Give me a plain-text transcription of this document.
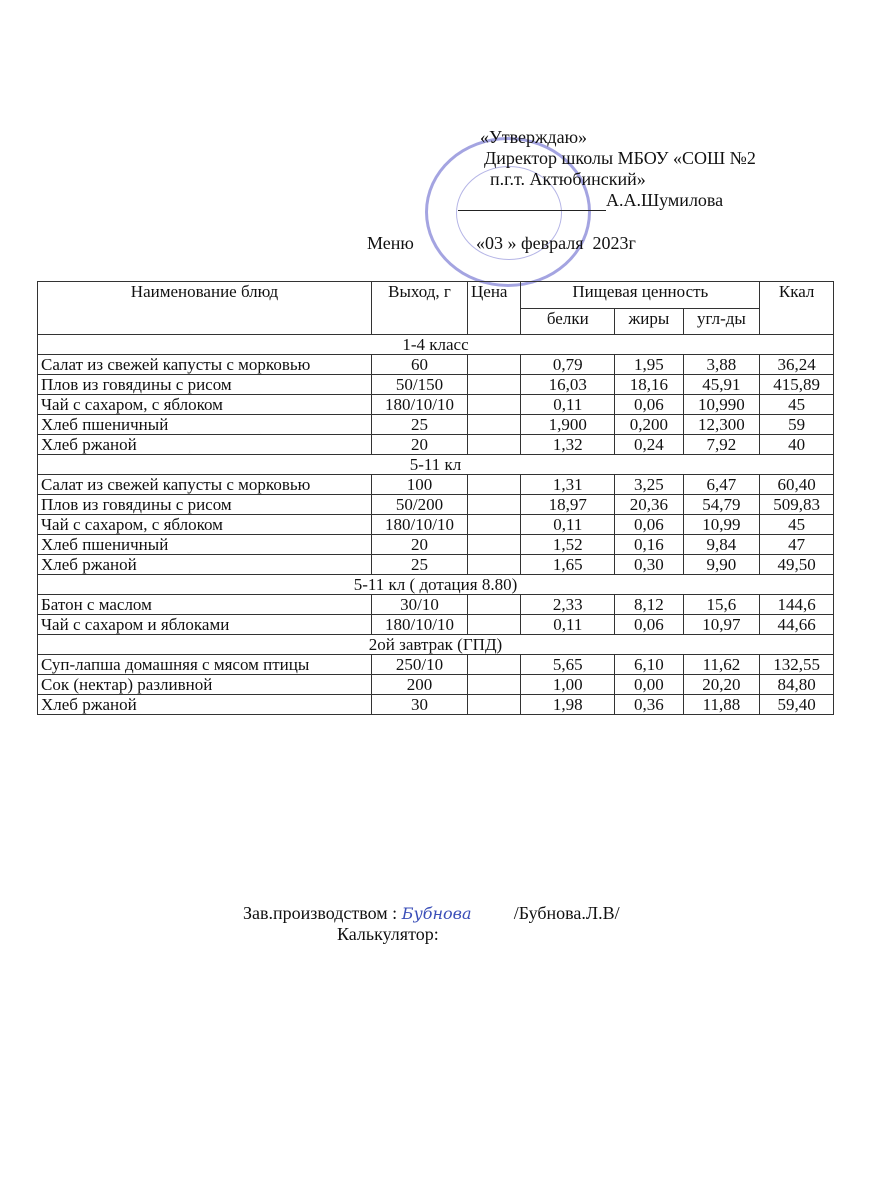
«Утверждаю»
Директор школы МБОУ «СОШ №2
п.г.т. Актюбинский»
А.А.Шумилова
Меню	«03 » февраля  2023г
Наименование блюд	Выход, г	Цена	Пищевая ценность			Ккал
			белки	жиры	угл-ды	
1-4 класс						
Салат из свежей капусты с морковью	60		0,79	1,95	3,88	36,24
Плов из говядины с рисом	50/150		16,03	18,16	45,91	415,89
Чай с сахаром, с яблоком	180/10/10		0,11	0,06	10,990	45
Хлеб пшеничный	25		1,900	0,200	12,300	59
Хлеб ржаной	20		1,32	0,24	7,92	40
5-11 кл						
Салат из свежей капусты с морковью	100		1,31	3,25	6,47	60,40
Плов из говядины с рисом	50/200		18,97	20,36	54,79	509,83
Чай с сахаром, с яблоком	180/10/10		0,11	0,06	10,99	45
Хлеб пшеничный	20		1,52	0,16	9,84	47
Хлеб ржаной	25		1,65	0,30	9,90	49,50
5-11 кл ( дотация 8.80)						
Батон с маслом	30/10		2,33	8,12	15,6	144,6
Чай с сахаром и яблоками	180/10/10		0,11	0,06	10,97	44,66
2ой завтрак (ГПД)						
Суп-лапша домашняя с мясом птицы	250/10		5,65	6,10	11,62	132,55
Сок (нектар) разливной	200		1,00	0,00	20,20	84,80
Хлеб ржаной	30		1,98	0,36	11,88	59,40
Зав.производством : Бубнова /Бубнова.Л.В/
Калькулятор:
